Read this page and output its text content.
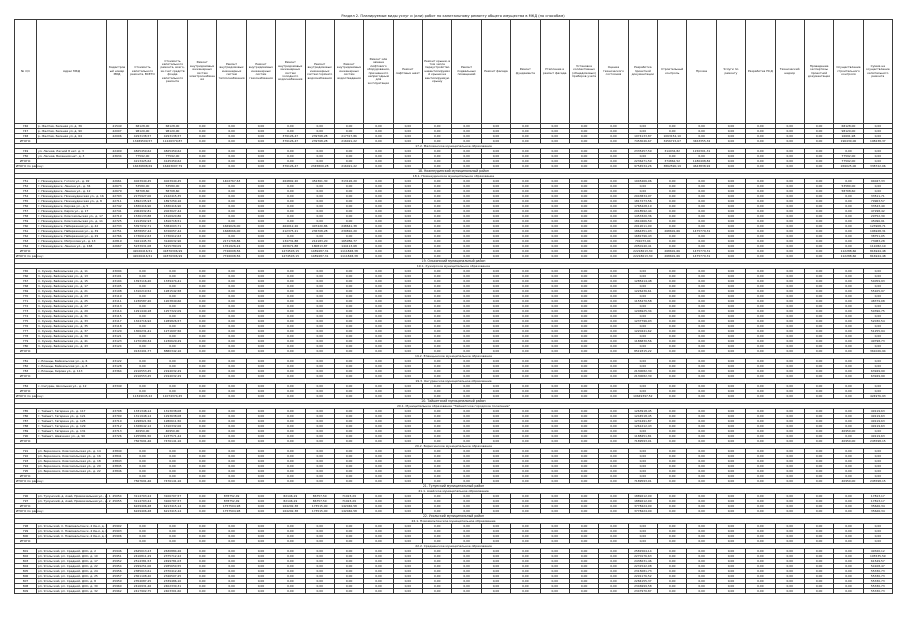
Раздел 2. Планируемые виды услуг и (или) работ по капитальному ремонту общего имущества в МКД (по способам)
№ п/п	Адрес МКД	Кадастровый номер МКД	Стоимость капитального ремонта, ВСЕГО	Стоимость капитального ремонта, всего, за счет средств фонда капитального ремонта	Ремонт внутридомовых инженерных систем электроснабжения	Ремонт внутридомовых инженерных систем теплоснабжения	Ремонт внутридомовых инженерных систем газоснабжения	Ремонт внутридомовых инженерных систем холодного водоснабжения	Ремонт внутридомовых инженерных систем горячего водоснабжения	Ремонт внутридомовых инженерных систем водоотведения	Ремонт или замена лифтового оборудования, признанного непригодным для эксплуатации	Ремонт лифтовых шахт	Ремонт крыши, в том числе переустройство невентилируемой крыши на вентилируемую крышу	Ремонт подвальных помещений	Ремонт фасада	Ремонт фундамента	Утепление и ремонт фасада	Установка коллективных (общедомовых) приборов учета	Оценка технического состояния	Разработка проектной документации	Строительный контроль	Прочие	Услуги по ремонту	Разработка ПСД	Технический надзор	Проведение экспертизы проектной документации	Осуществление строительного контроля	Сумма на осуществление капитального ремонта
746	р. Желтая, Зеленая ул. д. 36	41549	68128,00	68128,00	0,00	0,00	0,00	0,00	0,00	0,00	0,00	0,00	0,00	0,00	0,00	0,00	0,00	0,00	0,00	0,00	0,00	0,00	0,00	0,00	0,00	0,00	68128,00	0,00
747	р. Желтая, Зеленая ул. д. 90	42007	98120,00	98120,00	0,00	0,00	0,00	0,00	0,00	0,00	0,00	0,00	0,00	0,00	0,00	0,00	0,00	0,00	0,00	0,00	0,00	0,00	0,00	0,00	0,00	0,00	98120,00	0,00
748	р. Желтая, Зеленая ул. д. 64	42006	4293138,57	4293138,57	0,00	0,00	0,00	379126,47	239768,28	217317,86	0,00	0,00	0,00	0,00	0,00	0,00	0,00	0,00	0,00	1974133,87	1063152,10	0,00	0,00	0,00	0,00	0,00	16691,98	0,00
ИТОГО:			13489509,57	11226379,87	0,00	0,00	0,00	379126,47	239768,28	216021,22	0,00	0,00	0,00	0,00	0,00	0,00	0,00	0,00	0,00	7453046,67	3456715,67	3463355,32	0,00	0,00	0,00	0,00	196430,00	198238,37
17.2. Малозинское муниципальное образование																												
749	ул. Лесная, Лесной 8 нет. д. 3	42409	4825459,62	4825459,62	0,00	0,00	0,00	0,00	0,00	0,00	0,00	0,00	0,00	0,00	0,00	0,00	0,00	0,00	0,00	2335457,59	314934,82	1150301,31	0,00	0,00	0,00	0,00	0,00	0,00
750	ул. Лесная, Весенняя нет. д. 3	43634	77592,00	77592,00	0,00	0,00	0,00	0,00	0,00	0,00	0,00	0,00	0,00	0,00	0,00	0,00	0,00	0,00	0,00	0,00	0,00	0,00	0,00	0,00	0,00	0,00	77592,00	0,00
ИТОГО:			4213425,62	4145459,62	0,00	0,00	0,00	0,00	0,00	0,00	0,00	0,00	0,00	0,00	0,00	0,00	0,00	0,00	0,00	2236471,59	374862,52	1180498,82	0,00	0,00	0,00	0,00	77592,00	0,00
ИТОГО по району:			16636898,69	16463097,79	0,00	0,00	0,00	379126,47	2345800,28	216021,22	0,00	0,00	0,00	0,00	0,00	0,00	0,00	0,00	0,00	9754534,26	3862590,19	4643838,92	0,00	0,00	0,00	0,00	269025,00	338722,06
18. Нижнеудинский муниципальный район																												
18.1. Нижнеудинское муниципальное образование																												
751	г. Нижнеудинск, Гоголя ул., д. 92	42661	4023940,45	4023940,45	0,00	1402767,63	0,00	264802,20	452361,30	313126,20	0,00	0,00	0,00	0,00	0,00	0,00	0,00	0,00	0,00	1045466,06	0,00	0,00	0,00	0,00	0,00	0,00	0,00	94047,33
752	г. Нижнеудинск, Ленина ул., д. 34	42673	53580,00	53580,00	0,00	0,00	0,00	0,00	0,00	0,00	0,00	0,00	0,00	0,00	0,00	0,00	0,00	0,00	0,00	0,00	0,00	0,00	0,00	0,00	0,00	0,00	53580,00	0,00
753	г. Нижнеудинск, Ленина ул., д. 12	42679	58708,60	58708,60	0,00	0,00	0,00	0,00	0,00	0,00	0,00	0,00	0,00	0,00	0,00	0,00	0,00	0,00	0,00	0,00	0,00	0,00	0,00	0,00	0,00	0,00	58708,60	0,00
754	г. Нижнеудинск, Нижнеудинская ул., д. 16	42703	2175927,06	2142415,35	0,00	0,00	0,00	0,00	0,00	0,00	0,00	0,00	0,00	0,00	0,00	0,00	0,00	0,00	0,00	2043834,97	0,00	0,00	0,00	0,00	0,00	0,00	0,00	33511,71
755	г. Нижнеудинск, Нижнеудинская ул., д. 8	42711	1892135,93	1897250,16	0,00	0,00	0,00	0,00	0,00	0,00	0,00	0,00	0,00	0,00	0,00	0,00	0,00	0,00	0,00	1817273,56	0,00	0,00	0,00	0,00	0,00	0,00	0,00	79963,57
756	г. Нижнеудинск, Кирова ул., д. 5	42742	1830416,90	1830416,90	0,00	0,00	0,00	0,00	0,00	0,00	0,00	0,00	0,00	0,00	0,00	0,00	0,00	0,00	0,00	1765428,10	0,00	0,00	0,00	0,00	0,00	0,00	0,00	33543,40
757	г. Нижнеудинск, Карла ул., д. 17	42741	2064932,81	2023027,44	0,00	0,00	0,00	0,00	0,00	0,00	0,00	0,00	0,00	0,00	0,00	0,00	0,00	0,00	0,00	2018592,44	0,00	0,00	0,00	0,00	0,00	0,00	0,00	47298,42
758	г. Нижнеудинск, Комсомольская ул., д. 17	42719	1536133,88	1516920,86	0,00	0,00	0,00	0,00	0,00	0,00	0,00	0,00	0,00	0,00	0,00	0,00	0,00	0,00	0,00	1453320,36	0,00	0,00	0,00	0,00	0,00	0,00	0,00	29752,30
759	г. Нижнеудинск, Комсомольская ул., д. 11	42725	1914502,93	1816718,51	0,00	0,00	0,00	0,00	0,00	0,00	0,00	0,00	0,00	0,00	0,00	0,00	0,00	0,00	0,00	1810466,50	0,00	0,00	0,00	0,00	0,00	0,00	0,00	45096,91
760	г. Нижнеудинск, Набережная ул., д. 42	42733	5397932,71	5384003,71	0,00	1669026,00	0,00	464012,26	407420,86	248641,38	0,00	0,00	0,00	0,00	0,00	0,00	0,00	0,00	0,00	2012011,00	0,00	0,00	0,00	0,00	0,00	0,00	0,00	123908,71
761	г. Нижнеудинск, Набережная ул., д. 39	42751	6878957,44	6726057,44	0,00	1668066,00	0,00	212375,21	236708,28	239810,20	0,00	0,00	0,00	0,00	0,00	0,00	0,00	0,00	0,00	1864351,03	268691,66	1475779,31	0,00	0,00	0,00	0,00	0,00	106928,31
762	г. Нижнеудинск, Набережная ул., д. 29	42766	1736912,63	1730912,63	0,00	0,00	0,00	0,00	0,00	0,00	0,00	0,00	0,00	0,00	0,00	0,00	0,00	0,00	0,00	1681796,43	0,00	0,00	0,00	0,00	0,00	0,00	0,00	38751,05
763	г. Нижнеудинск, Матросова ул., д. 13	42819	3161445,70	3146632,96	0,00	2171768,86	0,00	134731,88	212183,20	165956,77	0,00	0,00	0,00	0,00	0,00	0,00	0,00	0,00	0,00	701073,04	0,00	0,00	0,00	0,00	0,00	0,00	0,00	73083,28
764	г. Нижнеудинск, Ленина ул., д. 168	42667	5233931,08	5215789,09	0,00	1761926,24	0,00	203671,88	180813,87	144113,68	0,00	0,00	0,00	0,00	0,00	0,00	0,00	0,00	0,00	2050140,41	0,00	0,00	0,00	0,00	0,00	0,00	0,00	111082,10
ИТОГО:			42026416,51	41876306,99	0,00	7726008,56	0,00	1474593,15	1489487,31	1111848,38	0,00	0,00	0,00	0,00	0,00	0,00	0,00	0,00	0,00	22218613,30	268691,66	1475779,31	0,00	0,00	0,00	0,00	112288,60	816944,48
ИТОГО по району:			42026416,51	41876306,99	0,00	7726008,56	0,00	1474593,15	1489487,31	1111848,38	0,00	0,00	0,00	0,00	0,00	0,00	0,00	0,00	0,00	22218613,30	268691,66	1475779,31	0,00	0,00	0,00	0,00	112288,60	816944,48
19. Ольхонский муниципальный район																												
19.1. Хужирское муниципальное образование																												
765	п. Хужир, Байкальская ул., д. 11	43094	0,00	0,00	0,00	0,00	0,00	0,00	0,00	0,00	0,00	0,00	0,00	0,00	0,00	0,00	0,00	0,00	0,00	0,00	0,00	0,00	0,00	0,00	0,00	0,00	0,00	0,00
766	п. Хужир, Байкальская ул., д. 13	43101	0,00	0,00	0,00	0,00	0,00	0,00	0,00	0,00	0,00	0,00	0,00	0,00	0,00	0,00	0,00	0,00	0,00	0,00	0,00	0,00	0,00	0,00	0,00	0,00	0,00	0,00
767	п. Хужир, Байкальская ул., д. 15	43104	1393116,20	1339474,41	0,00	0,00	0,00	0,00	0,00	0,00	0,00	0,00	0,00	0,00	0,00	0,00	0,00	0,00	0,00	1285414,48	0,00	0,00	0,00	0,00	0,00	0,00	0,00	54059,93
768	п. Хужир, Байкальская ул., д. 17	43105	0,00	0,00	0,00	0,00	0,00	0,00	0,00	0,00	0,00	0,00	0,00	0,00	0,00	0,00	0,00	0,00	0,00	0,00	0,00	0,00	0,00	0,00	0,00	0,00	0,00	0,00
769	п. Хужир, Байкальская ул., д. 21	43108	1310219,52	1281542,58	0,00	0,00	0,00	0,00	0,00	0,00	0,00	0,00	0,00	0,00	0,00	0,00	0,00	0,00	0,00	1226436,61	0,00	0,00	0,00	0,00	0,00	0,00	0,00	55105,97
770	п. Хужир, Байкальская ул., д. 23	43110	0,00	0,00	0,00	0,00	0,00	0,00	0,00	0,00	0,00	0,00	0,00	0,00	0,00	0,00	0,00	0,00	0,00	0,00	0,00	0,00	0,00	0,00	0,00	0,00	0,00	0,00
771	п. Хужир, Байкальская ул., д. 25	43111	1236587,20	1203849,66	0,00	0,00	0,00	0,00	0,00	0,00	0,00	0,00	0,00	0,00	0,00	0,00	0,00	0,00	0,00	1155470,58	0,00	0,00	0,00	0,00	0,00	0,00	0,00	48379,08
772	п. Хужир, Байкальская ул., д. 27	43113	0,00	0,00	0,00	0,00	0,00	0,00	0,00	0,00	0,00	0,00	0,00	0,00	0,00	0,00	0,00	0,00	0,00	0,00	0,00	0,00	0,00	0,00	0,00	0,00	0,00	0,00
773	п. Хужир, Байкальская ул., д. 29	43114	1291440,18	1257322,09	0,00	0,00	0,00	0,00	0,00	0,00	0,00	0,00	0,00	0,00	0,00	0,00	0,00	0,00	0,00	1206925,34	0,00	0,00	0,00	0,00	0,00	0,00	0,00	50396,75
774	п. Хужир, Байкальская ул., д. 31	43115	0,00	0,00	0,00	0,00	0,00	0,00	0,00	0,00	0,00	0,00	0,00	0,00	0,00	0,00	0,00	0,00	0,00	0,00	0,00	0,00	0,00	0,00	0,00	0,00	0,00	0,00
775	п. Хужир, Байкальская ул., д. 33	43117	1324716,92	1289826,57	0,00	0,00	0,00	0,00	0,00	0,00	0,00	0,00	0,00	0,00	0,00	0,00	0,00	0,00	0,00	1237796,03	0,00	0,00	0,00	0,00	0,00	0,00	0,00	52030,54
776	п. Хужир, Байкальская ул., д. 35	43118	0,00	0,00	0,00	0,00	0,00	0,00	0,00	0,00	0,00	0,00	0,00	0,00	0,00	0,00	0,00	0,00	0,00	0,00	0,00	0,00	0,00	0,00	0,00	0,00	0,00	0,00
777	п. Хужир, Байкальская ул., д. 37	43120	1306231,41	1271697,56	0,00	0,00	0,00	0,00	0,00	0,00	0,00	0,00	0,00	0,00	0,00	0,00	0,00	0,00	0,00	1220441,62	0,00	0,00	0,00	0,00	0,00	0,00	0,00	51255,94
778	п. Хужир, Байкальская ул., д. 39	43121	0,00	0,00	0,00	0,00	0,00	0,00	0,00	0,00	0,00	0,00	0,00	0,00	0,00	0,00	0,00	0,00	0,00	0,00	0,00	0,00	0,00	0,00	0,00	0,00	0,00	0,00
779	п. Хужир, Байкальская ул., д. 41	43123	1270180,34	1236629,29	0,00	0,00	0,00	0,00	0,00	0,00	0,00	0,00	0,00	0,00	0,00	0,00	0,00	0,00	0,00	1186830,56	0,00	0,00	0,00	0,00	0,00	0,00	0,00	49798,73
780	п. Хужир, Байкальская ул., д. 43	43124	0,00	0,00	0,00	0,00	0,00	0,00	0,00	0,00	0,00	0,00	0,00	0,00	0,00	0,00	0,00	0,00	0,00	0,00	0,00	0,00	0,00	0,00	0,00	0,00	0,00	0,00
ИТОГО:			9132491,77	8880342,16	0,00	0,00	0,00	0,00	0,00	0,00	0,00	0,00	0,00	0,00	0,00	0,00	0,00	0,00	0,00	8519315,22	0,00	0,00	0,00	0,00	0,00	0,00	0,00	361026,94
19.2. Еланцынское муниципальное образование																												
781	с. Еланцы, Байкальская ул., д. 6	43122	0,00	0,00	0,00	0,00	0,00	0,00	0,00	0,00	0,00	0,00	0,00	0,00	0,00	0,00	0,00	0,00	0,00	0,00	0,00	0,00	0,00	0,00	0,00	0,00	0,00	0,00
782	с. Еланцы, Байкальская ул., д. 8	43128	0,00	0,00	0,00	0,00	0,00	0,00	0,00	0,00	0,00	0,00	0,00	0,00	0,00	0,00	0,00	0,00	0,00	0,00	0,00	0,00	0,00	0,00	0,00	0,00	0,00	0,00
783	с. Еланцы, Кирова ул., д. 113	43364	2216553,45	2194032,29	0,00	0,00	0,00	0,00	0,00	0,00	0,00	0,00	0,00	0,00	0,00	0,00	0,00	0,00	0,00	2130082,30	0,00	0,00	0,00	0,00	0,00	0,00	0,00	63949,99
ИТОГО:			2216553,45	2194032,29	0,00	0,00	0,00	0,00	0,00	0,00	0,00	0,00	0,00	0,00	0,00	0,00	0,00	0,00	0,00	2130082,30	0,00	0,00	0,00	0,00	0,00	0,00	0,00	63949,99
19.3. Онгуренское муниципальное образование																												
784	с. Онгурен, Школьная ул., д. 12	43349	0,00	0,00	0,00	0,00	0,00	0,00	0,00	0,00	0,00	0,00	0,00	0,00	0,00	0,00	0,00	0,00	0,00	0,00	0,00	0,00	0,00	0,00	0,00	0,00	0,00	0,00
ИТОГО:			0,00	0,00	0,00	0,00	0,00	0,00	0,00	0,00	0,00	0,00	0,00	0,00	0,00	0,00	0,00	0,00	0,00	0,00	0,00	0,00	0,00	0,00	0,00	0,00	0,00	0,00
ИТОГО по району:			11349045,22	11074374,45	0,00	0,00	0,00	0,00	0,00	0,00	0,00	0,00	0,00	0,00	0,00	0,00	0,00	0,00	0,00	10649397,52	0,00	0,00	0,00	0,00	0,00	0,00	0,00	424976,93
20. Тайшетский муниципальный район																												
20.1. Муниципальное образование "Тайшетское городское поселение"																												
785	г. Тайшет, Гагарина ул., д. 117	43708	1331348,14	1313038,08	0,00	0,00	0,00	0,00	0,00	0,00	0,00	0,00	0,00	0,00	0,00	0,00	0,00	0,00	0,00	1263918,45	0,00	0,00	0,00	0,00	0,00	0,00	0,00	49119,63
786	г. Тайшет, Гагарина ул., д. 121	43709	1311948,14	1293638,08	0,00	0,00	0,00	0,00	0,00	0,00	0,00	0,00	0,00	0,00	0,00	0,00	0,00	0,00	0,00	1244518,45	0,00	0,00	0,00	0,00	0,00	0,00	0,00	49119,63
787	г. Тайшет, Гагарина ул., д. 125	43710	1298921,56	1280611,50	0,00	0,00	0,00	0,00	0,00	0,00	0,00	0,00	0,00	0,00	0,00	0,00	0,00	0,00	0,00	1231491,87	0,00	0,00	0,00	0,00	0,00	0,00	0,00	49119,63
788	г. Тайшет, Гагарина ул., д. 129	43712	1328642,12	1310332,06	0,00	0,00	0,00	0,00	0,00	0,00	0,00	0,00	0,00	0,00	0,00	0,00	0,00	0,00	0,00	1261212,43	0,00	0,00	0,00	0,00	0,00	0,00	0,00	49119,63
789	г. Тайшет, Гагарина ул., д. 131	43713	40950,00	40950,00	0,00	0,00	0,00	0,00	0,00	0,00	0,00	0,00	0,00	0,00	0,00	0,00	0,00	0,00	0,00	0,00	0,00	0,00	0,00	0,00	0,00	0,00	40950,00	0,00
790	г. Тайшет, Шевченко ул., д. 90	43726	1255881,50	1237571,44	0,00	0,00	0,00	0,00	0,00	0,00	0,00	0,00	0,00	0,00	0,00	0,00	0,00	0,00	0,00	1188451,81	0,00	0,00	0,00	0,00	0,00	0,00	0,00	49119,63
ИТОГО:			7567691,46	7476141,16	0,00	0,00	0,00	0,00	0,00	0,00	0,00	0,00	0,00	0,00	0,00	0,00	0,00	0,00	0,00	7189593,01	0,00	0,00	0,00	0,00	0,00	0,00	40950,00	245598,15
20.2. Бирюсинское муниципальное образование																												
791	рп. Бирюсинск, Комсомольская ул., д. 14	43840	0,00	0,00	0,00	0,00	0,00	0,00	0,00	0,00	0,00	0,00	0,00	0,00	0,00	0,00	0,00	0,00	0,00	0,00	0,00	0,00	0,00	0,00	0,00	0,00	0,00	0,00
792	рп. Бирюсинск, Комсомольская ул., д. 16	43841	0,00	0,00	0,00	0,00	0,00	0,00	0,00	0,00	0,00	0,00	0,00	0,00	0,00	0,00	0,00	0,00	0,00	0,00	0,00	0,00	0,00	0,00	0,00	0,00	0,00	0,00
793	рп. Бирюсинск, Комсомольская ул., д. 18	43843	0,00	0,00	0,00	0,00	0,00	0,00	0,00	0,00	0,00	0,00	0,00	0,00	0,00	0,00	0,00	0,00	0,00	0,00	0,00	0,00	0,00	0,00	0,00	0,00	0,00	0,00
794	рп. Бирюсинск, Комсомольская ул., д. 20	43845	0,00	0,00	0,00	0,00	0,00	0,00	0,00	0,00	0,00	0,00	0,00	0,00	0,00	0,00	0,00	0,00	0,00	0,00	0,00	0,00	0,00	0,00	0,00	0,00	0,00	0,00
795	рп. Бирюсинск, Комсомольская ул., д. 22	43846	0,00	0,00	0,00	0,00	0,00	0,00	0,00	0,00	0,00	0,00	0,00	0,00	0,00	0,00	0,00	0,00	0,00	0,00	0,00	0,00	0,00	0,00	0,00	0,00	0,00	0,00
ИТОГО:			0,00	0,00	0,00	0,00	0,00	0,00	0,00	0,00	0,00	0,00	0,00	0,00	0,00	0,00	0,00	0,00	0,00	0,00	0,00	0,00	0,00	0,00	0,00	0,00	0,00	0,00
ИТОГО по району:			7567691,46	7476141,16	0,00	0,00	0,00	0,00	0,00	0,00	0,00	0,00	0,00	0,00	0,00	0,00	0,00	0,00	0,00	7189593,01	0,00	0,00	0,00	0,00	0,00	0,00	40950,00	245598,15
21. Тулунский муниципальный район																												
21.1. Азейское муниципальное образование																												
796	рп. Тулунский, д. Азей, Привокзальная ул., д. 1	45054	3114703,24	3106707,57	0,00	878752,49	0,00	82146,19	86757,50	71023,29	0,00	0,00	0,00	0,00	0,00	0,00	0,00	0,00	0,00	1889212,00	0,00	0,00	0,00	0,00	0,00	0,00	0,00	17813,17
797	рп. Тулунский, д. Азей, Привокзальная ул., д. 2	45055	3114703,24	3106707,57	0,00	878752,49	0,00	82146,19	86757,50	71023,29	0,00	0,00	0,00	0,00	0,00	0,00	0,00	0,00	0,00	1889212,00	0,00	0,00	0,00	0,00	0,00	0,00	0,00	17813,17
ИТОГО:			6229406,48	6213415,14	0,00	1757504,98	0,00	164292,38	173515,00	142046,58	0,00	0,00	0,00	0,00	0,00	0,00	0,00	0,00	0,00	3778424,00	0,00	0,00	0,00	0,00	0,00	0,00	0,00	35626,34
ИТОГО по району:			6229406,48	6213415,14	0,00	1757504,98	0,00	164292,38	173515,00	142046,58	0,00	0,00	0,00	0,00	0,00	0,00	0,00	0,00	0,00	3778424,00	0,00	0,00	0,00	0,00	0,00	0,00	0,00	35626,34
22. Усольский муниципальный район																												
22.1. Новомальтинское муниципальное образование																												
798	рп. Усольский, п. Новомальтинск, 4 Кв-л, д. 3	45902	0,00	0,00	0,00	0,00	0,00	0,00	0,00	0,00	0,00	0,00	0,00	0,00	0,00	0,00	0,00	0,00	0,00	0,00	0,00	0,00	0,00	0,00	0,00	0,00	0,00	0,00
799	рп. Усольский, п. Новомальтинск, 4 Кв-л, д. 6	45903	0,00	0,00	0,00	0,00	0,00	0,00	0,00	0,00	0,00	0,00	0,00	0,00	0,00	0,00	0,00	0,00	0,00	0,00	0,00	0,00	0,00	0,00	0,00	0,00	0,00	0,00
800	рп. Усольский, п. Новомальтинск, 4 Кв-л, д. 8	45906	0,00	0,00	0,00	0,00	0,00	0,00	0,00	0,00	0,00	0,00	0,00	0,00	0,00	0,00	0,00	0,00	0,00	0,00	0,00	0,00	0,00	0,00	0,00	0,00	0,00	0,00
ИТОГО:			0,00	0,00	0,00	0,00	0,00	0,00	0,00	0,00	0,00	0,00	0,00	0,00	0,00	0,00	0,00	0,00	0,00	0,00	0,00	0,00	0,00	0,00	0,00	0,00	0,00	0,00
22.2. Средненское муниципальное образование																												
801	рп. Усольский, рп. Средний, ДОС, д. 2	45946	2645013,23	2630884,26	0,00	0,00	0,00	0,00	0,00	0,00	0,00	0,00	0,00	0,00	0,00	0,00	0,00	0,00	0,00	2581564,14	0,00	0,00	0,00	0,00	0,00	0,00	0,00	49320,12
802	рп. Усольский, рп. Средний, ДОС, д. 10	45951	2416811,29	2375712,22	0,00	0,00	0,00	0,00	0,00	0,00	0,00	0,00	0,00	0,00	0,00	0,00	0,00	0,00	0,00	2270176,63	0,00	0,00	0,00	0,00	0,00	0,00	0,00	105535,59
803	рп. Усольский, рп. Средний, ДОС, д. 17	45952	2514381,53	2499781,03	0,00	0,00	0,00	0,00	0,00	0,00	0,00	0,00	0,00	0,00	0,00	0,00	0,00	0,00	0,00	2438231,46	0,00	0,00	0,00	0,00	0,00	0,00	0,00	61549,57
804	рп. Усольский, рп. Средний, ДОС, д. 22	45954	2299251,06	2285650,55	0,00	0,00	0,00	0,00	0,00	0,00	0,00	0,00	0,00	0,00	0,00	0,00	0,00	0,00	0,00	2231542,08	0,00	0,00	0,00	0,00	0,00	0,00	0,00	54108,47
805	рп. Усольский, рп. Средний, ДОС, д. 24	45956	2385013,61	2370412,46	0,00	0,00	0,00	0,00	0,00	0,00	0,00	0,00	0,00	0,00	0,00	0,00	0,00	0,00	0,00	2315081,73	0,00	0,00	0,00	0,00	0,00	0,00	0,00	55330,73
806	рп. Усольский, рп. Средний, ДОС, д. 25	45957	2361108,40	2346507,25	0,00	0,00	0,00	0,00	0,00	0,00	0,00	0,00	0,00	0,00	0,00	0,00	0,00	0,00	0,00	2291176,52	0,00	0,00	0,00	0,00	0,00	0,00	0,00	55330,73
807	рп. Усольский, рп. Средний, ДОС, д. 8	45959	2354087,25	2339486,10	0,00	0,00	0,00	0,00	0,00	0,00	0,00	0,00	0,00	0,00	0,00	0,00	0,00	0,00	0,00	2284155,37	0,00	0,00	0,00	0,00	0,00	0,00	0,00	55330,73
808	рп. Усольский, рп. Средний, ДОС, д. 30	45960	2416931,46	2402330,31	0,00	0,00	0,00	0,00	0,00	0,00	0,00	0,00	0,00	0,00	0,00	0,00	0,00	0,00	0,00	2346999,58	0,00	0,00	0,00	0,00	0,00	0,00	0,00	55330,73
809	рп. Усольский, рп. Средний, ДОС, д. 32	45962	2417902,75	2403301,60	0,00	0,00	0,00	0,00	0,00	0,00	0,00	0,00	0,00	0,00	0,00	0,00	0,00	0,00	0,00	2347970,87	0,00	0,00	0,00	0,00	0,00	0,00	0,00	55330,73
